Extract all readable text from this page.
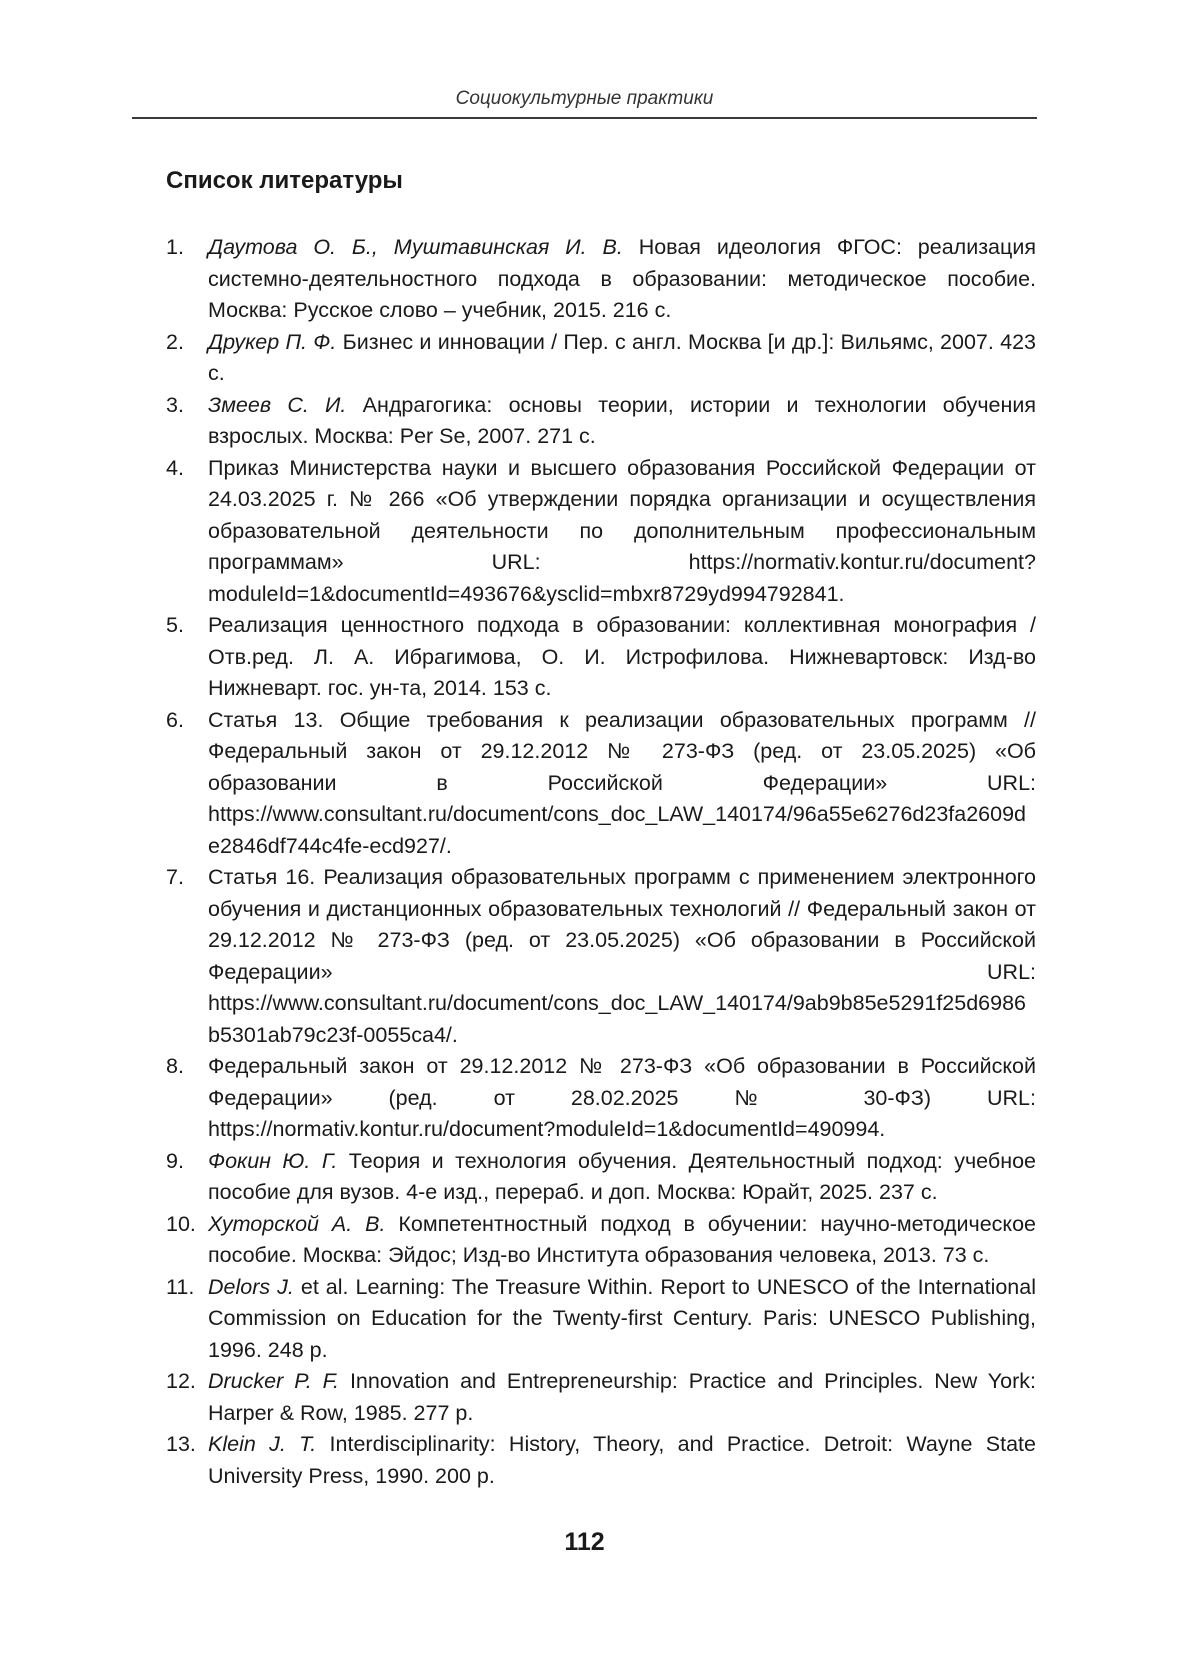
Социокультурные практики
Список литературы
1. Даутова О. Б., Муштавинская И. В. Новая идеология ФГОС: реализация системно-деятельностного подхода в образовании: методическое пособие. Москва: Русское слово – учебник, 2015. 216 с.
2. Друкер П. Ф. Бизнес и инновации / Пер. с англ. Москва [и др.]: Вильямс, 2007. 423 с.
3. Змеев С. И. Андрагогика: основы теории, истории и технологии обучения взрослых. Москва: Per Se, 2007. 271 с.
4. Приказ Министерства науки и высшего образования Российской Федерации от 24.03.2025 г. № 266 «Об утверждении порядка организации и осуществления образовательной деятельности по дополнительным профессиональным программам» URL: https://normativ.kontur.ru/document?moduleId=1&documentId=493676&ysclid=mbxr8729yd994792841.
5. Реализация ценностного подхода в образовании: коллективная монография /Отв.ред. Л. А. Ибрагимова, О. И. Истрофилова. Нижневартовск: Изд-во Нижневарт. гос. ун-та, 2014. 153 с.
6. Статья 13. Общие требования к реализации образовательных программ // Федеральный закон от 29.12.2012 № 273-ФЗ (ред. от 23.05.2025) «Об образовании в Российской Федерации» URL: https://www.consultant.ru/document/cons_doc_LAW_140174/96a55e6276d23fa2609de2846df744c4fe-ecd927/.
7. Статья 16. Реализация образовательных программ с применением электронного обучения и дистанционных образовательных технологий // Федеральный закон от 29.12.2012 № 273-ФЗ (ред. от 23.05.2025) «Об образовании в Российской Федерации» URL: https://www.consultant.ru/document/cons_doc_LAW_140174/9ab9b85e5291f25d6986b5301ab79c23f-0055ca4/.
8. Федеральный закон от 29.12.2012 № 273-ФЗ «Об образовании в Российской Федерации» (ред. от 28.02.2025 № 30-ФЗ) URL: https://normativ.kontur.ru/document?moduleId=1&documentId=490994.
9. Фокин Ю. Г. Теория и технология обучения. Деятельностный подход: учебное пособие для вузов. 4-е изд., перераб. и доп. Москва: Юрайт, 2025. 237 с.
10. Хуторской А. В. Компетентностный подход в обучении: научно-методическое пособие. Москва: Эйдос; Изд-во Института образования человека, 2013. 73 с.
11. Delors J. et al. Learning: The Treasure Within. Report to UNESCO of the International Commission on Education for the Twenty-first Century. Paris: UNESCO Publishing, 1996. 248 p.
12. Drucker P. F. Innovation and Entrepreneurship: Practice and Principles. New York: Harper & Row, 1985. 277 p.
13. Klein J. T. Interdisciplinarity: History, Theory, and Practice. Detroit: Wayne State University Press, 1990. 200 p.
112
